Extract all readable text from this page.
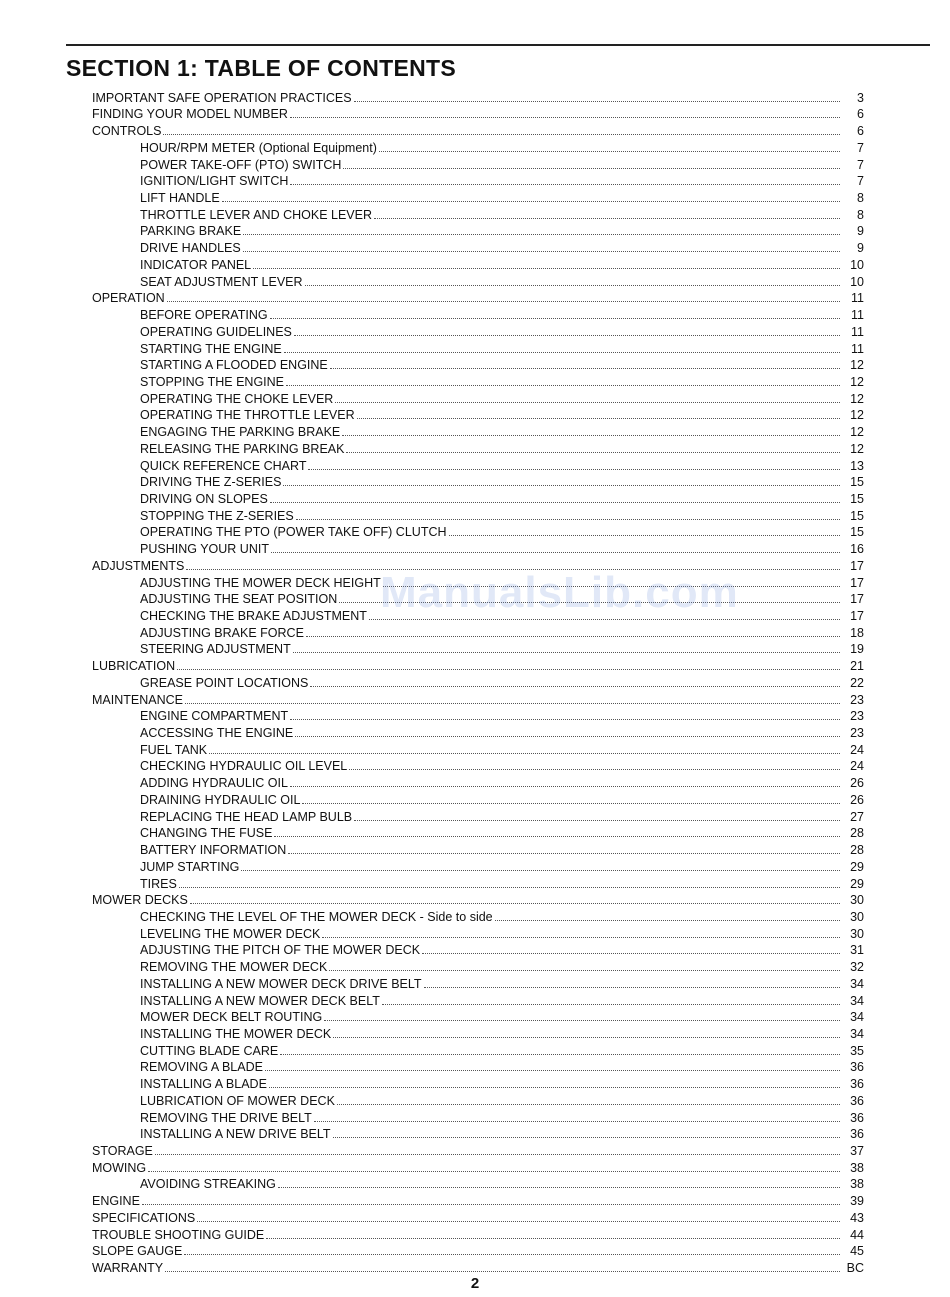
SECTION 1: TABLE OF CONTENTS
IMPORTANT SAFE OPERATION PRACTICES	3
FINDING YOUR MODEL NUMBER	6
CONTROLS	6
HOUR/RPM METER (Optional Equipment)	7
POWER TAKE-OFF (PTO) SWITCH	7
IGNITION/LIGHT SWITCH	7
LIFT HANDLE	8
THROTTLE LEVER AND CHOKE LEVER	8
PARKING BRAKE	9
DRIVE HANDLES	9
INDICATOR PANEL	10
SEAT ADJUSTMENT LEVER	10
OPERATION	11
BEFORE OPERATING	11
OPERATING GUIDELINES	11
STARTING THE ENGINE	11
STARTING A FLOODED ENGINE	12
STOPPING THE ENGINE	12
OPERATING THE CHOKE LEVER	12
OPERATING THE THROTTLE LEVER	12
ENGAGING THE PARKING BRAKE	12
RELEASING THE PARKING BREAK	12
QUICK REFERENCE CHART	13
DRIVING THE Z-SERIES	15
DRIVING ON SLOPES	15
STOPPING THE Z-SERIES	15
OPERATING THE PTO (POWER TAKE OFF) CLUTCH	15
PUSHING YOUR UNIT	16
ADJUSTMENTS	17
ADJUSTING THE MOWER DECK HEIGHT	17
ADJUSTING THE SEAT POSITION	17
CHECKING THE BRAKE ADJUSTMENT	17
ADJUSTING BRAKE FORCE	18
STEERING ADJUSTMENT	19
LUBRICATION	21
GREASE POINT LOCATIONS	22
MAINTENANCE	23
ENGINE COMPARTMENT	23
ACCESSING THE ENGINE	23
FUEL TANK	24
CHECKING HYDRAULIC OIL LEVEL	24
ADDING HYDRAULIC OIL	26
DRAINING HYDRAULIC OIL	26
REPLACING THE HEAD LAMP BULB	27
CHANGING THE FUSE	28
BATTERY INFORMATION	28
JUMP STARTING	29
TIRES	29
MOWER DECKS	30
CHECKING THE LEVEL OF THE MOWER DECK - Side to side	30
LEVELING THE MOWER DECK	30
ADJUSTING THE PITCH OF THE MOWER DECK	31
REMOVING THE MOWER DECK	32
INSTALLING A NEW MOWER DECK DRIVE BELT	34
INSTALLING A NEW MOWER DECK BELT	34
MOWER DECK BELT ROUTING	34
INSTALLING THE MOWER DECK	34
CUTTING BLADE CARE	35
REMOVING A BLADE	36
INSTALLING A BLADE	36
LUBRICATION OF MOWER DECK	36
REMOVING THE DRIVE BELT	36
INSTALLING A NEW DRIVE BELT	36
STORAGE	37
MOWING	38
AVOIDING STREAKING	38
ENGINE	39
SPECIFICATIONS	43
TROUBLE SHOOTING GUIDE	44
SLOPE GAUGE	45
WARRANTY	BC
ManualsLib.com
2
